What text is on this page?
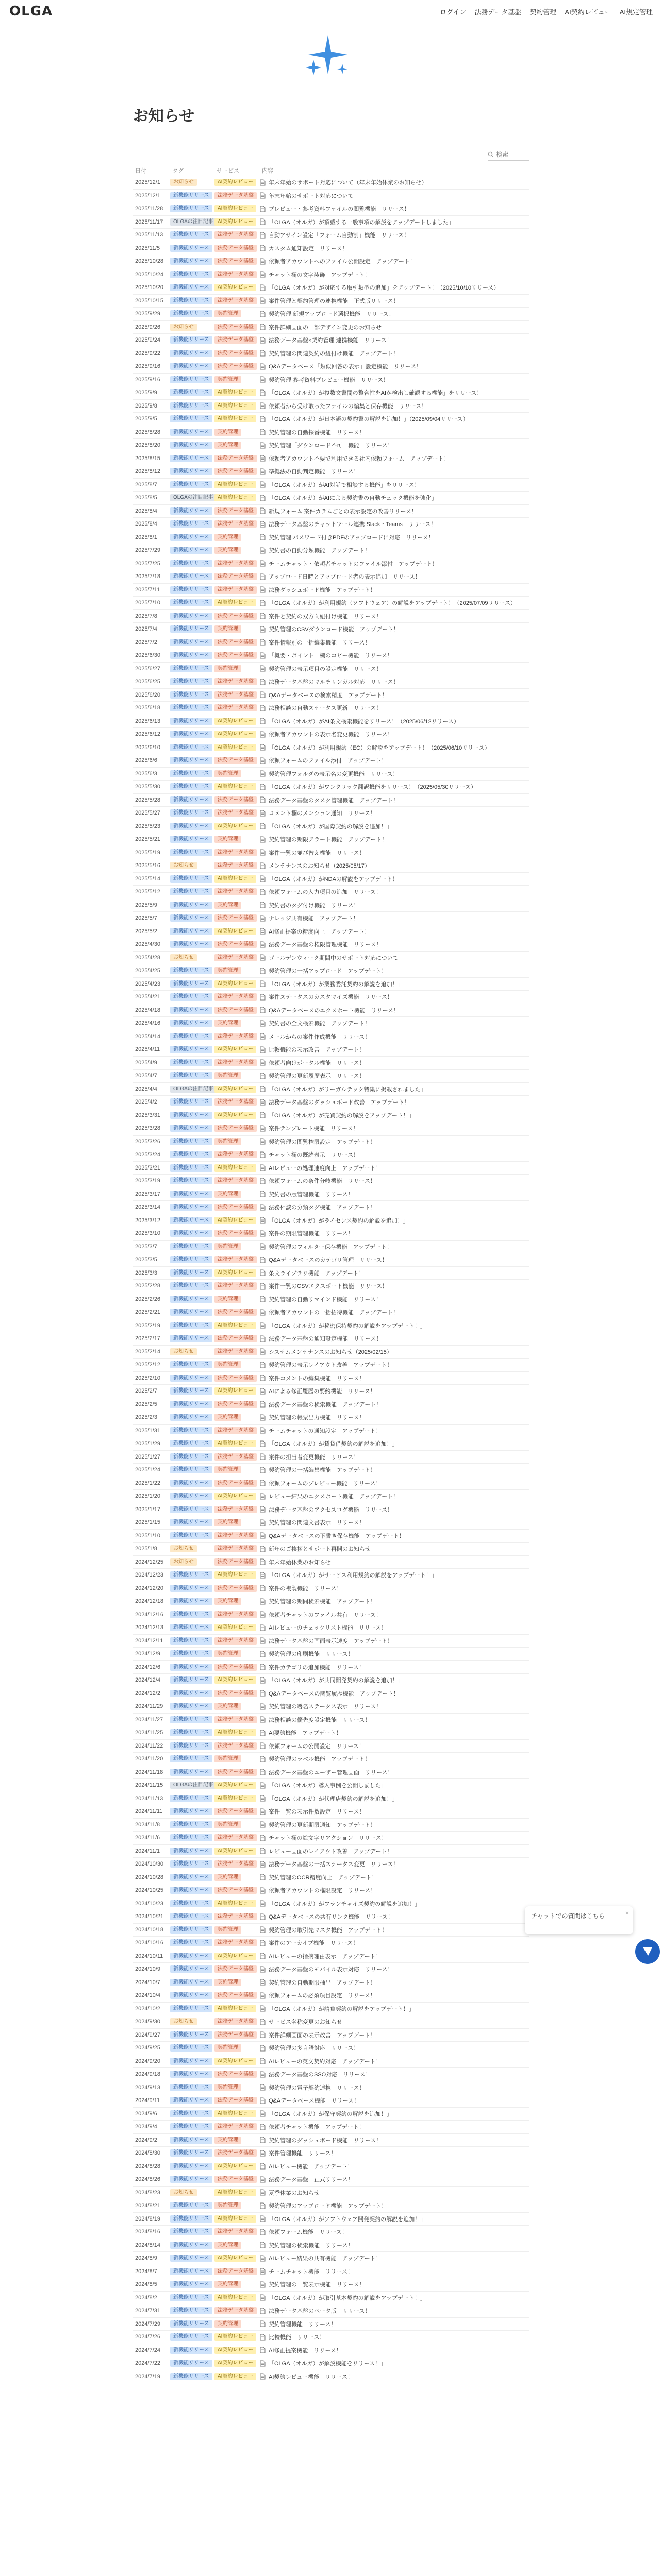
OLGA	ログイン 法務データ基盤 契約管理 AI契約レビュー AI規定管理
お知らせ
検索
日付	タグ	サービス	内容
2025/12/1	お知らせ	AI契約レビュー	年末年始のサポート対応について（年末年始休業のお知らせ）
2025/12/1	新機能リリース	法務データ基盤	年末年始のサポート対応について
2025/11/28	新機能リリース	AI契約レビュー	プレビュー・参考資料ファイルの閲覧機能　リリース！
2025/11/17	OLGAの注目記事 AI契約レビュー	「OLGA（オルガ）が頂戴する一般事項の解説をアップデートしました」
2025/11/13	新機能リリース	法務データ基盤	自動アサイン設定「フォーム自動割」機能　リリース！
2025/11/5	新機能リリース	法務データ基盤	カスタム通知設定　リリース！
2025/10/28	新機能リリース	法務データ基盤	依頼者アカウントへのファイル公開設定　アップデート！
2025/10/24	新機能リリース	法務データ基盤	チャット欄の文字装飾　アップデート！
2025/10/20	新機能リリース	AI契約レビュー	「OLGA（オルガ）が対応する取引類型の追加」をアップデート！（2025/10/10リリース）
2025/10/15	新機能リリース	法務データ基盤	案件管理と契約管理の連携機能　正式版リリース！
2025/9/29	新機能リリース	契約管理	契約管理 新規アップロード選択機能　リリース！
2025/9/26	お知らせ	法務データ基盤	案件詳細画面の一部デザイン変更のお知らせ
2025/9/24	新機能リリース	法務データ基盤	法務データ基盤×契約管理 連携機能　リリース！
2025/9/22	新機能リリース	法務データ基盤	契約管理の関連契約の紐付け機能　アップデート！
2025/9/16	新機能リリース	法務データ基盤	Q&Aデータベース「類似回答の表示」設定機能　リリース！
2025/9/16	新機能リリース	契約管理	契約管理 参考資料プレビュー機能　リリース！
2025/9/9	新機能リリース	AI契約レビュー	「OLGA（オルガ）が複数文書間の整合性をAIが検出し確認する機能」をリリース！
2025/9/8	新機能リリース	AI契約レビュー	依頼者から受け取ったファイルの編集と保存機能　リリース！
2025/9/5	新機能リリース	AI契約レビュー	「OLGA（オルガ）が日本語の契約書の解説を追加！」（2025/09/04リリース）
2025/8/28	新機能リリース	契約管理	契約管理の自動採番機能　リリース！
2025/8/20	新機能リリース	契約管理	契約管理「ダウンロード不可」機能　リリース！
2025/8/15	新機能リリース	法務データ基盤	依頼者アカウント不要で利用できる社内依頼フォーム　アップデート！
2025/8/12	新機能リリース	法務データ基盤	準拠法の自動判定機能　リリース！
2025/8/7	新機能リリース	AI契約レビュー	「OLGA（オルガ）がAI対話で相談する機能」をリリース！
2025/8/5	OLGAの注目記事 AI契約レビュー	「OLGA（オルガ）がAIによる契約書の自動チェック機能を強化」
2025/8/4	新機能リリース	法務データ基盤	新規フォーム 案件カラムごとの表示設定の改善リリース！
2025/8/4	新機能リリース	法務データ基盤	法務データ基盤のチャットツール連携 Slack・Teams　リリース！
2025/8/1	新機能リリース	契約管理	契約管理 パスワード付きPDFのアップロードに対応　リリース！
2025/7/29	新機能リリース	契約管理	契約書の自動分類機能　アップデート！
2025/7/25	新機能リリース	法務データ基盤	チームチャット・依頼者チャットのファイル添付　アップデート！
2025/7/18	新機能リリース	法務データ基盤	アップロード日時とアップロード者の表示追加　リリース！
2025/7/11	新機能リリース	法務データ基盤	法務ダッシュボード機能　アップデート！
2025/7/10	新機能リリース	AI契約レビュー	「OLGA（オルガ）が利用規約（ソフトウェア）の解説をアップデート！（2025/07/09リリース）
2025/7/8	新機能リリース	法務データ基盤	案件と契約の双方向紐付け機能　リリース！
2025/7/4	新機能リリース	契約管理	契約管理のCSVダウンロード機能　アップデート！
2025/7/2	新機能リリース	法務データ基盤	案件情報別の一括編集機能　リリース！
2025/6/30	新機能リリース	法務データ基盤	「概要・ポイント」欄のコピー機能　リリース！
2025/6/27	新機能リリース	契約管理	契約管理の表示項目の設定機能　リリース！
2025/6/25	新機能リリース	法務データ基盤	法務データ基盤のマルチリンガル対応　リリース！
2025/6/20	新機能リリース	法務データ基盤	Q&Aデータベースの検索精度　アップデート！
2025/6/18	新機能リリース	法務データ基盤	法務相談の自動ステータス更新　リリース！
2025/6/13	新機能リリース	AI契約レビュー	「OLGA（オルガ）がAI条文検索機能をリリース！（2025/06/12リリース）
2025/6/12	新機能リリース	AI契約レビュー	依頼者アカウントの表示名変更機能　リリース！
2025/6/10	新機能リリース	AI契約レビュー	「OLGA（オルガ）が利用規約（EC）の解説をアップデート！（2025/06/10リリース）
2025/6/6	新機能リリース	法務データ基盤	依頼フォームのファイル添付　アップデート！
2025/6/3	新機能リリース	契約管理	契約管理フォルダの表示名の変更機能　リリース！
2025/5/30	新機能リリース	AI契約レビュー	「OLGA（オルガ）がワンクリック翻訳機能をリリース！（2025/05/30リリース）
2025/5/28	新機能リリース	法務データ基盤	法務データ基盤のタスク管理機能　アップデート！
2025/5/27	新機能リリース	法務データ基盤	コメント欄のメンション通知　リリース！
2025/5/23	新機能リリース	AI契約レビュー	「OLGA（オルガ）が国際契約の解説を追加！」
2025/5/21	新機能リリース	契約管理	契約管理の期限アラート機能　アップデート！
2025/5/19	新機能リリース	法務データ基盤	案件一覧の並び替え機能　リリース！
2025/5/16	お知らせ	法務データ基盤	メンテナンスのお知らせ（2025/05/17）
2025/5/14	新機能リリース	AI契約レビュー	「OLGA（オルガ）がNDAの解説をアップデート！」
2025/5/12	新機能リリース	法務データ基盤	依頼フォームの入力項目の追加　リリース！
2025/5/9	新機能リリース	契約管理	契約書のタグ付け機能　リリース！
2025/5/7	新機能リリース	法務データ基盤	ナレッジ共有機能　アップデート！
2025/5/2	新機能リリース	AI契約レビュー	AI修正提案の精度向上　アップデート！
2025/4/30	新機能リリース	法務データ基盤	法務データ基盤の権限管理機能　リリース！
2025/4/28	お知らせ	法務データ基盤	ゴールデンウィーク期間中のサポート対応について
2025/4/25	新機能リリース	契約管理	契約管理の一括アップロード　アップデート！
2025/4/23	新機能リリース	AI契約レビュー	「OLGA（オルガ）が業務委託契約の解説を追加！」
2025/4/21	新機能リリース	法務データ基盤	案件ステータスのカスタマイズ機能　リリース！
2025/4/18	新機能リリース	法務データ基盤	Q&Aデータベースのエクスポート機能　リリース！
2025/4/16	新機能リリース	契約管理	契約書の全文検索機能　アップデート！
2025/4/14	新機能リリース	法務データ基盤	メールからの案件作成機能　リリース！
2025/4/11	新機能リリース	AI契約レビュー	比較機能の表示改善　アップデート！
2025/4/9	新機能リリース	法務データ基盤	依頼者向けポータル機能　リリース！
2025/4/7	新機能リリース	契約管理	契約管理の更新履歴表示　リリース！
2025/4/4	OLGAの注目記事 AI契約レビュー	「OLGA（オルガ）がリーガルテック特集に掲載されました」
2025/4/2	新機能リリース	法務データ基盤	法務データ基盤のダッシュボード改善　アップデート！
2025/3/31	新機能リリース	AI契約レビュー	「OLGA（オルガ）が売買契約の解説をアップデート！」
2025/3/28	新機能リリース	法務データ基盤	案件テンプレート機能　リリース！
2025/3/26	新機能リリース	契約管理	契約管理の閲覧権限設定　アップデート！
2025/3/24	新機能リリース	法務データ基盤	チャット欄の既読表示　リリース！
2025/3/21	新機能リリース	AI契約レビュー	AIレビューの処理速度向上　アップデート！
2025/3/19	新機能リリース	法務データ基盤	依頼フォームの条件分岐機能　リリース！
2025/3/17	新機能リリース	契約管理	契約書の版管理機能　リリース！
2025/3/14	新機能リリース	法務データ基盤	法務相談の分類タグ機能　アップデート！
2025/3/12	新機能リリース	AI契約レビュー	「OLGA（オルガ）がライセンス契約の解説を追加！」
2025/3/10	新機能リリース	法務データ基盤	案件の期限管理機能　リリース！
2025/3/7	新機能リリース	契約管理	契約管理のフィルター保存機能　アップデート！
2025/3/5	新機能リリース	法務データ基盤	Q&Aデータベースのカテゴリ管理　リリース！
2025/3/3	新機能リリース	AI契約レビュー	条文ライブラリ機能　アップデート！
2025/2/28	新機能リリース	法務データ基盤	案件一覧のCSVエクスポート機能　リリース！
2025/2/26	新機能リリース	契約管理	契約管理の自動リマインド機能　リリース！
2025/2/21	新機能リリース	法務データ基盤	依頼者アカウントの一括招待機能　アップデート！
2025/2/19	新機能リリース	AI契約レビュー	「OLGA（オルガ）が秘密保持契約の解説をアップデート！」
2025/2/17	新機能リリース	法務データ基盤	法務データ基盤の通知設定機能　リリース！
2025/2/14	お知らせ	法務データ基盤	システムメンテナンスのお知らせ（2025/02/15）
2025/2/12	新機能リリース	契約管理	契約管理の表示レイアウト改善　アップデート！
2025/2/10	新機能リリース	法務データ基盤	案件コメントの編集機能　リリース！
2025/2/7	新機能リリース	AI契約レビュー	AIによる修正履歴の要約機能　リリース！
2025/2/5	新機能リリース	法務データ基盤	法務データ基盤の検索機能　アップデート！
2025/2/3	新機能リリース	契約管理	契約管理の帳票出力機能　リリース！
2025/1/31	新機能リリース	法務データ基盤	チームチャットの通知設定　アップデート！
2025/1/29	新機能リリース	AI契約レビュー	「OLGA（オルガ）が賃貸借契約の解説を追加！」
2025/1/27	新機能リリース	法務データ基盤	案件の担当者変更機能　リリース！
2025/1/24	新機能リリース	契約管理	契約管理の一括編集機能　アップデート！
2025/1/22	新機能リリース	法務データ基盤	依頼フォームのプレビュー機能　リリース！
2025/1/20	新機能リリース	AI契約レビュー	レビュー結果のエクスポート機能　アップデート！
2025/1/17	新機能リリース	法務データ基盤	法務データ基盤のアクセスログ機能　リリース！
2025/1/15	新機能リリース	契約管理	契約管理の関連文書表示　リリース！
2025/1/10	新機能リリース	法務データ基盤	Q&Aデータベースの下書き保存機能　アップデート！
2025/1/8	お知らせ	法務データ基盤	新年のご挨拶とサポート再開のお知らせ
2024/12/25	お知らせ	法務データ基盤	年末年始休業のお知らせ
2024/12/23	新機能リリース	AI契約レビュー	「OLGA（オルガ）がサービス利用規約の解説をアップデート！」
2024/12/20	新機能リリース	法務データ基盤	案件の複製機能　リリース！
2024/12/18	新機能リリース	契約管理	契約管理の期間検索機能　アップデート！
2024/12/16	新機能リリース	法務データ基盤	依頼者チャットのファイル共有　リリース！
2024/12/13	新機能リリース	AI契約レビュー	AIレビューのチェックリスト機能　リリース！
2024/12/11	新機能リリース	法務データ基盤	法務データ基盤の画面表示速度　アップデート！
2024/12/9	新機能リリース	契約管理	契約管理の印刷機能　リリース！
2024/12/6	新機能リリース	法務データ基盤	案件カテゴリの追加機能　リリース！
2024/12/4	新機能リリース	AI契約レビュー	「OLGA（オルガ）が共同開発契約の解説を追加！」
2024/12/2	新機能リリース	法務データ基盤	Q&Aデータベースの閲覧履歴機能　アップデート！
2024/11/29	新機能リリース	契約管理	契約管理の署名ステータス表示　リリース！
2024/11/27	新機能リリース	法務データ基盤	法務相談の優先度設定機能　リリース！
2024/11/25	新機能リリース	AI契約レビュー	AI要約機能　アップデート！
2024/11/22	新機能リリース	法務データ基盤	依頼フォームの公開設定　リリース！
2024/11/20	新機能リリース	契約管理	契約管理のラベル機能　アップデート！
2024/11/18	新機能リリース	法務データ基盤	法務データ基盤のユーザー管理画面　リリース！
2024/11/15	OLGAの注目記事 AI契約レビュー	「OLGA（オルガ）導入事例を公開しました」
2024/11/13	新機能リリース	AI契約レビュー	「OLGA（オルガ）が代理店契約の解説を追加！」
2024/11/11	新機能リリース	法務データ基盤	案件一覧の表示件数設定　リリース！
2024/11/8	新機能リリース	契約管理	契約管理の更新期限通知　アップデート！
2024/11/6	新機能リリース	法務データ基盤	チャット欄の絵文字リアクション　リリース！
2024/11/1	新機能リリース	AI契約レビュー	レビュー画面のレイアウト改善　アップデート！
2024/10/30	新機能リリース	法務データ基盤	法務データ基盤の一括ステータス変更　リリース！
2024/10/28	新機能リリース	契約管理	契約管理のOCR精度向上　アップデート！
2024/10/25	新機能リリース	法務データ基盤	依頼者アカウントの権限設定　リリース！
2024/10/23	新機能リリース	AI契約レビュー	「OLGA（オルガ）がフランチャイズ契約の解説を追加！」
2024/10/21	新機能リリース	法務データ基盤	Q&Aデータベースの共有リンク機能　リリース！
2024/10/18	新機能リリース	契約管理	契約管理の取引先マスタ機能　アップデート！
2024/10/16	新機能リリース	法務データ基盤	案件のアーカイブ機能　リリース！
2024/10/11	新機能リリース	AI契約レビュー	AIレビューの指摘理由表示　アップデート！
2024/10/9	新機能リリース	法務データ基盤	法務データ基盤のモバイル表示対応　リリース！
2024/10/7	新機能リリース	契約管理	契約管理の自動期限抽出　アップデート！
2024/10/4	新機能リリース	法務データ基盤	依頼フォームの必須項目設定　リリース！
2024/10/2	新機能リリース	AI契約レビュー	「OLGA（オルガ）が請負契約の解説をアップデート！」
2024/9/30	お知らせ	法務データ基盤	サービス名称変更のお知らせ
2024/9/27	新機能リリース	法務データ基盤	案件詳細画面の表示改善　アップデート！
2024/9/25	新機能リリース	契約管理	契約管理の多言語対応　リリース！
2024/9/20	新機能リリース	AI契約レビュー	AIレビューの英文契約対応　アップデート！
2024/9/18	新機能リリース	法務データ基盤	法務データ基盤のSSO対応　リリース！
2024/9/13	新機能リリース	契約管理	契約管理の電子契約連携　リリース！
2024/9/11	新機能リリース	法務データ基盤	Q&Aデータベース機能　リリース！
2024/9/6	新機能リリース	AI契約レビュー	「OLGA（オルガ）が保守契約の解説を追加！」
2024/9/4	新機能リリース	法務データ基盤	依頼者チャット機能　アップデート！
2024/9/2	新機能リリース	契約管理	契約管理のダッシュボード機能　リリース！
2024/8/30	新機能リリース	法務データ基盤	案件管理機能　リリース！
2024/8/28	新機能リリース	AI契約レビュー	AIレビュー機能　アップデート！
2024/8/26	新機能リリース	法務データ基盤	法務データ基盤　正式リリース！
2024/8/23	お知らせ	AI契約レビュー	夏季休業のお知らせ
2024/8/21	新機能リリース	契約管理	契約管理のアップロード機能　アップデート！
2024/8/19	新機能リリース	AI契約レビュー	「OLGA（オルガ）がソフトウェア開発契約の解説を追加！」
2024/8/16	新機能リリース	法務データ基盤	依頼フォーム機能　リリース！
2024/8/14	新機能リリース	契約管理	契約管理の検索機能　リリース！
2024/8/9	新機能リリース	AI契約レビュー	AIレビュー結果の共有機能　アップデート！
2024/8/7	新機能リリース	法務データ基盤	チームチャット機能　リリース！
2024/8/5	新機能リリース	契約管理	契約管理の一覧表示機能　リリース！
2024/8/2	新機能リリース	AI契約レビュー	「OLGA（オルガ）が取引基本契約の解説をアップデート！」
2024/7/31	新機能リリース	法務データ基盤	法務データ基盤のベータ版　リリース！
2024/7/29	新機能リリース	契約管理	契約管理機能　リリース！
2024/7/26	新機能リリース	AI契約レビュー	比較機能　リリース！
2024/7/24	新機能リリース	AI契約レビュー	AI修正提案機能　リリース！
2024/7/22	新機能リリース	AI契約レビュー	「OLGA（オルガ）が解説機能をリリース！」
2024/7/19	新機能リリース	AI契約レビュー	AI契約レビュー機能　リリース！
チャットでの質問はこちら	×
